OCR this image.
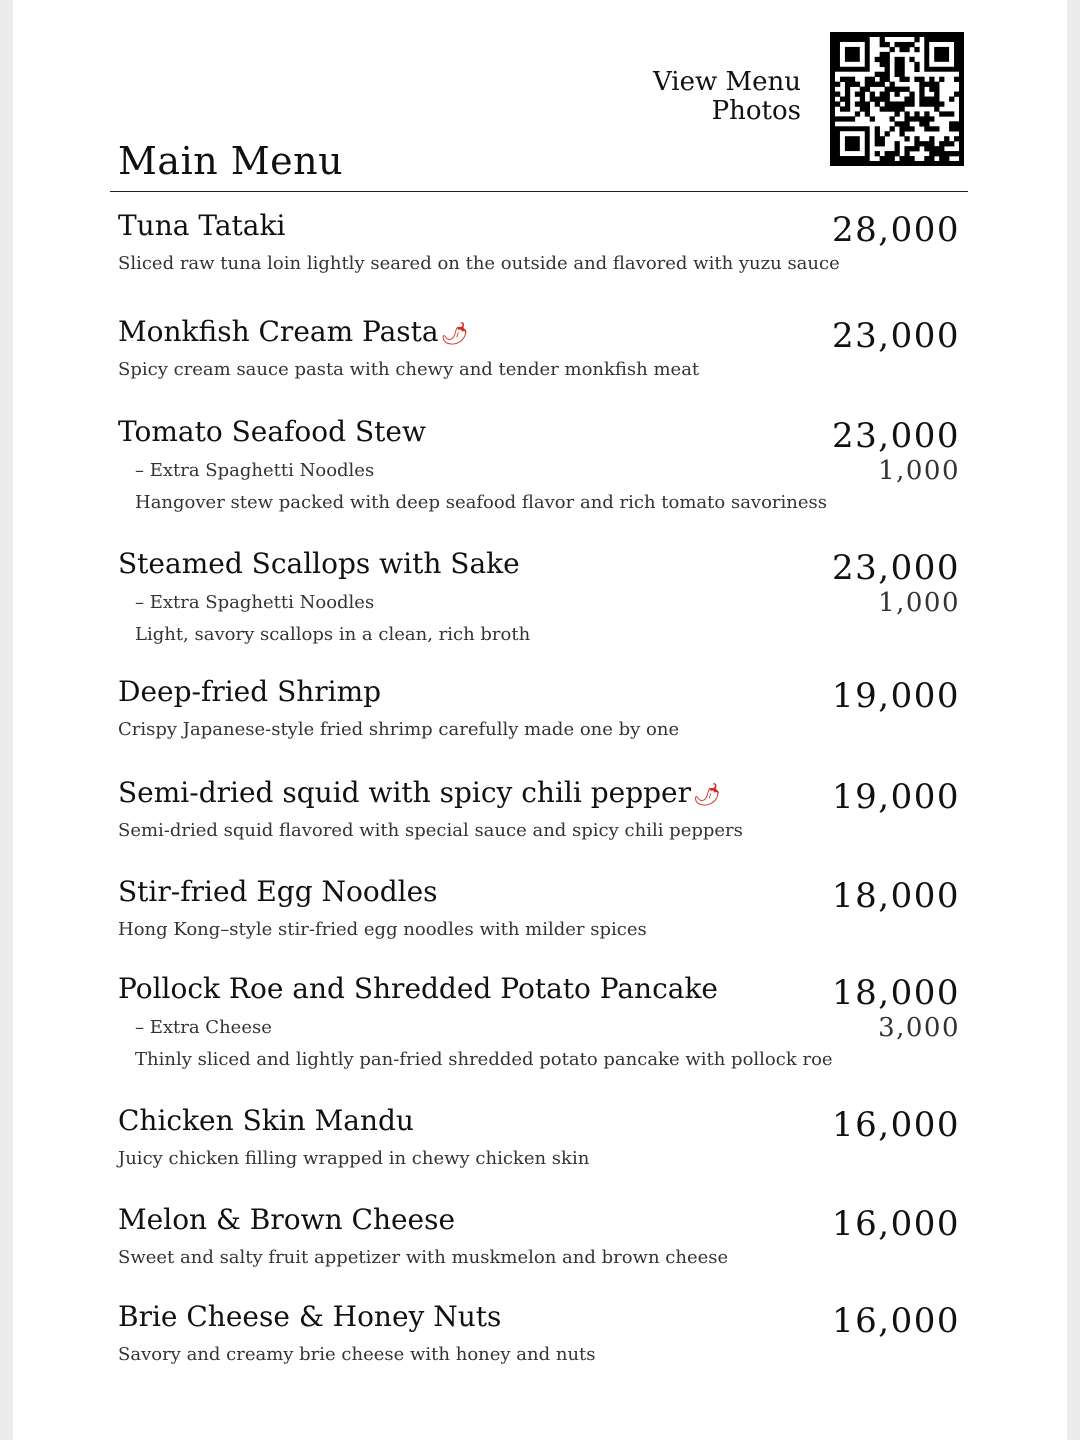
View Menu
Photos
Main Menu
Tuna Tataki	28,000
Sliced raw tuna loin lightly seared on the outside and flavored with yuzu sauce
Monkfish Cream Pasta🌶	23,000
Spicy cream sauce pasta with chewy and tender monkfish meat
Tomato Seafood Stew	23,000
– Extra Spaghetti Noodles	1,000
Hangover stew packed with deep seafood flavor and rich tomato savoriness
Steamed Scallops with Sake	23,000
– Extra Spaghetti Noodles	1,000
Light, savory scallops in a clean, rich broth
Deep-fried Shrimp	19,000
Crispy Japanese-style fried shrimp carefully made one by one
Semi-dried squid with spicy chili pepper🌶	19,000
Semi-dried squid flavored with special sauce and spicy chili peppers
Stir-fried Egg Noodles	18,000
Hong Kong–style stir-fried egg noodles with milder spices
Pollock Roe and Shredded Potato Pancake	18,000
– Extra Cheese	3,000
Thinly sliced and lightly pan-fried shredded potato pancake with pollock roe
Chicken Skin Mandu	16,000
Juicy chicken filling wrapped in chewy chicken skin
Melon & Brown Cheese	16,000
Sweet and salty fruit appetizer with muskmelon and brown cheese
Brie Cheese & Honey Nuts	16,000
Savory and creamy brie cheese with honey and nuts
